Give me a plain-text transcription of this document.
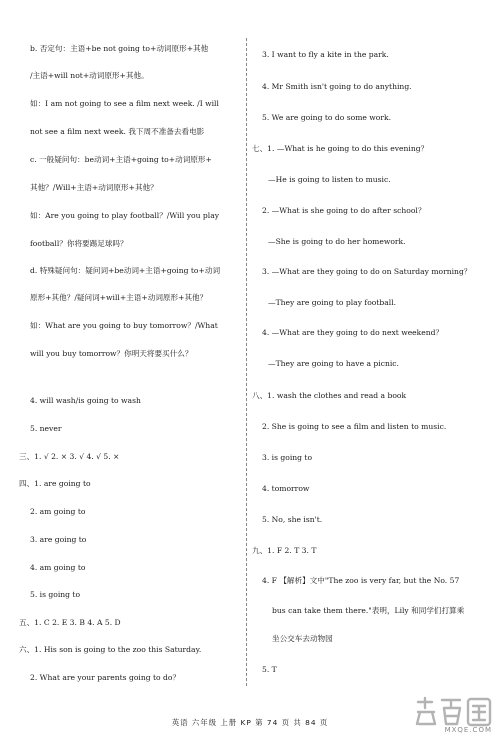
b. 否定句：主语+be not going to+动词原形+其他
/主语+will not+动词原形+其他。
如：I am not going to see a film next week. /I will
not see a film next week. 我下周不准备去看电影
c. 一般疑问句：be动词+主语+going to+动词原形+
其他？/Will+主语+动词原形+其他？
如：Are you going to play football？/Will you play
football？你将要踢足球吗？
d. 特殊疑问句：疑问词+be动词+主语+going to+动词
原形+其他？/疑问词+will+主语+动词原形+其他？
如：What are you going to buy tomorrow？/What
will you buy tomorrow？你明天将要买什么？
4. will wash/is going to wash
5. never
三、1. √ 2. × 3. √ 4. √ 5. ×
四、1. are going to
2. am going to
3. are going to
4. am going to
5. is going to
五、1. C 2. E 3. B 4. A 5. D
六、1. His son is going to the zoo this Saturday.
2. What are your parents going to do？
3. I want to fly a kite in the park.
4. Mr Smith isn't going to do anything.
5. We are going to do some work.
七、1. —What is he going to do this evening？
—He is going to listen to music.
2. —What is she going to do after school？
—She is going to do her homework.
3. —What are they going to do on Saturday morning？
—They are going to play football.
4. —What are they going to do next weekend？
—They are going to have a picnic.
八、1. wash the clothes and read a book
2. She is going to see a film and listen to music.
3. is going to
4. tomorrow
5. No, she isn't.
九、1. F 2. T 3. T
4. F 【解析】文中"The zoo is very far, but the No. 57
bus can take them there."表明，Lily 和同学们打算乘
坐公交车去动物园
5. T
英语 六年级 上册 KP 第 74 页 共 84 页
MXQE.COM
